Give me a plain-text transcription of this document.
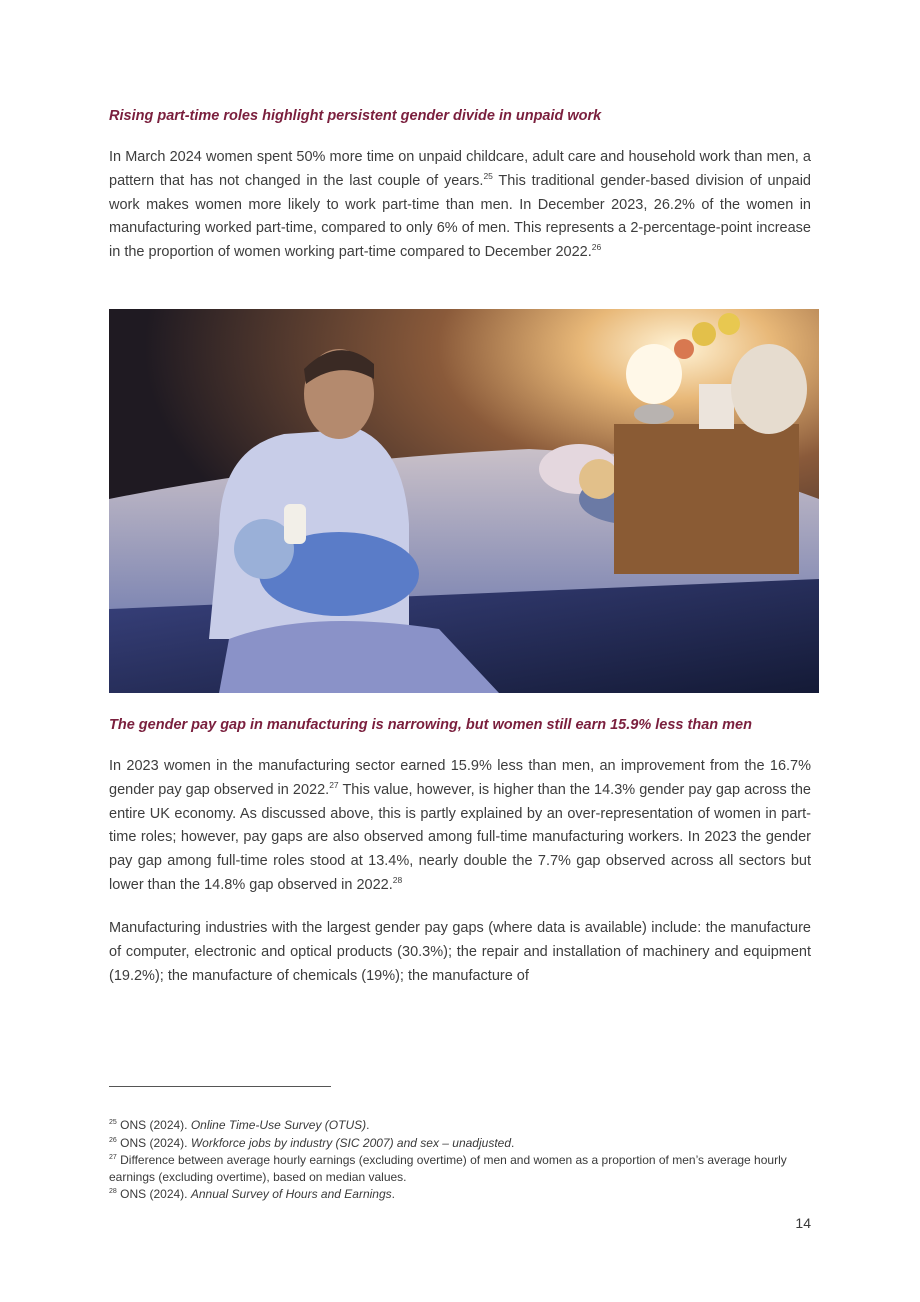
Rising part-time roles highlight persistent gender divide in unpaid work

In March 2024 women spent 50% more time on unpaid childcare, adult care and household work than men, a pattern that has not changed in the last couple of years.$^{25}$ This traditional gender-based division of unpaid work makes women more likely to work part-time than men. In December 2023, 26.2% of the women in manufacturing worked part-time, compared to only 6% of men. This represents a 2-percentage-point increase in the proportion of women working part-time compared to December 2022.26

The gender pay gap in manufacturing is narrowing, but women still earn 15.9% less than men

In 2023 women in the manufacturing sector earned 15.9% less than men, an improvement from the 16.7% gender pay gap observed in 2022.27 This value, however, is higher than the 14.3% gender pay gap across the entire UK economy. As discussed above, this is partly explained by an over-representation of women in part-time roles; however, pay gaps are also observed among full-time manufacturing workers. In 2023 the gender pay gap among full-time roles stood at 13.4%, nearly double the 7.7% gap observed across all sectors but lower than the 14.8% gap observed in 2022.28

Manufacturing industries with the largest gender pay gaps (where data is available) include: the manufacture of computer, electronic and optical products (30.3%); the repair and installation of machinery and equipment (19.2%); the manufacture of chemicals (19%); the manufacture of

$^{25}$ ONS (2024). Online Time-Use Survey (OTUS).

$^{26}$ ONS (2024). Workforce jobs by industry (SIC 2007) and sex – unadjusted.

$^{27}$ Difference between average hourly earnings (excluding overtime) of men and women as a proportion of men’s average hourly earnings (excluding overtime), based on median values.

$^{28}$ ONS (2024). Annual Survey of Hours and Earnings.

14
